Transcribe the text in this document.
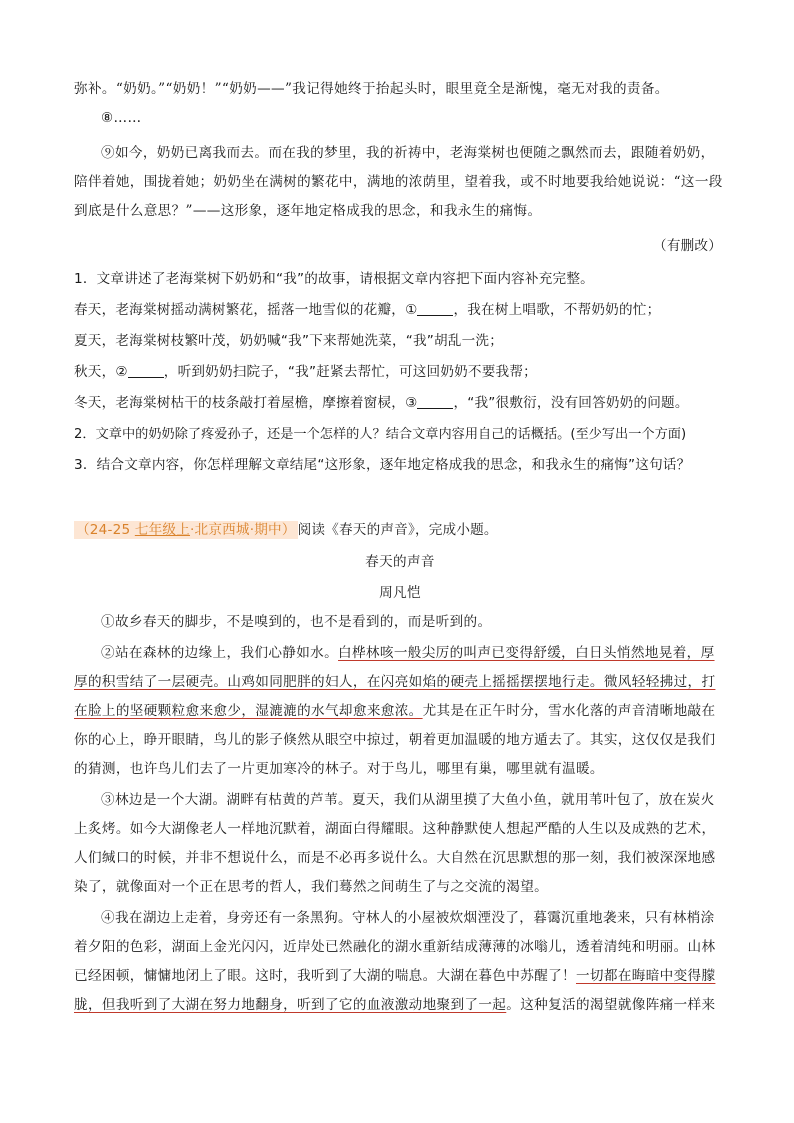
弥补。“奶奶。”“奶奶！”“奶奶——”我记得她终于抬起头时，眼里竟全是渐愧，毫无对我的责备。

⑧……

⑨如今，奶奶已离我而去。而在我的梦里，我的祈祷中，老海棠树也便随之飘然而去，跟随着奶奶，陪伴着她，围拢着她；奶奶坐在满树的繁花中，满地的浓荫里，望着我，或不时地要我给她说说：“这一段到底是什么意思？”——这形象，逐年地定格成我的思念，和我永生的痛悔。

（有删改）

1．文章讲述了老海棠树下奶奶和“我”的故事，请根据文章内容把下面内容补充完整。

春天，老海棠树摇动满树繁花，摇落一地雪似的花瓣，①	，我在树上唱歌，不帮奶奶的忙；

夏天，老海棠树枝繁叶茂，奶奶喊“我”下来帮她洗菜，“我”胡乱一洗；

秋天，②	，听到奶奶扫院子，“我”赶紧去帮忙，可这回奶奶不要我帮；

冬天，老海棠树枯干的枝条敲打着屋檐，摩擦着窗棂，③	，“我”很敷衍，没有回答奶奶的问题。

2．文章中的奶奶除了疼爱孙子，还是一个怎样的人？结合文章内容用自己的话概括。(至少写出一个方面)

3．结合文章内容，你怎样理解文章结尾“这形象，逐年地定格成我的思念，和我永生的痛悔”这句话？

（24-25 七年级上·北京西城·期中） 阅读《春天的声音》，完成小题。

春天的声音

周凡恺

①故乡春天的脚步，不是嗅到的，也不是看到的，而是听到的。

②站在森林的边缘上，我们心静如水。白桦林咳一般尖厉的叫声已变得舒缓，白日头悄然地晃着，厚厚的积雪结了一层硬壳。山鸡如同肥胖的妇人，在闪亮如焰的硬壳上摇摇摆摆地行走。微风轻轻拂过，打在脸上的坚硬颗粒愈来愈少，湿漉漉的水气却愈来愈浓。尤其是在正午时分，雪水化落的声音清晰地敲在你的心上，睁开眼睛，鸟儿的影子倏然从眼空中掠过，朝着更加温暖的地方遁去了。其实，这仅仅是我们的猜测，也许鸟儿们去了一片更加寒冷的林子。对于鸟儿，哪里有巢，哪里就有温暖。

③林边是一个大湖。湖畔有枯黄的芦苇。夏天，我们从湖里摸了大鱼小鱼，就用苇叶包了，放在炭火上炙烤。如今大湖像老人一样地沉默着，湖面白得耀眼。这种静默使人想起严酷的人生以及成熟的艺术，人们缄口的时候，并非不想说什么，而是不必再多说什么。大自然在沉思默想的那一刻，我们被深深地感染了，就像面对一个正在思考的哲人，我们蓦然之间萌生了与之交流的渴望。

④我在湖边上走着，身旁还有一条黑狗。守林人的小屋被炊烟湮没了，暮霭沉重地袭来，只有林梢涂着夕阳的色彩，湖面上金光闪闪，近岸处已然融化的湖水重新结成薄薄的冰嗡儿，透着清纯和明丽。山林已经困顿，慵慵地闭上了眼。这时，我听到了大湖的喘息。大湖在暮色中苏醒了！一切都在晦暗中变得朦胧，但我听到了大湖在努力地翻身，听到了它的血液激动地聚到了一起。这种复活的渴望就像阵痛一样来
